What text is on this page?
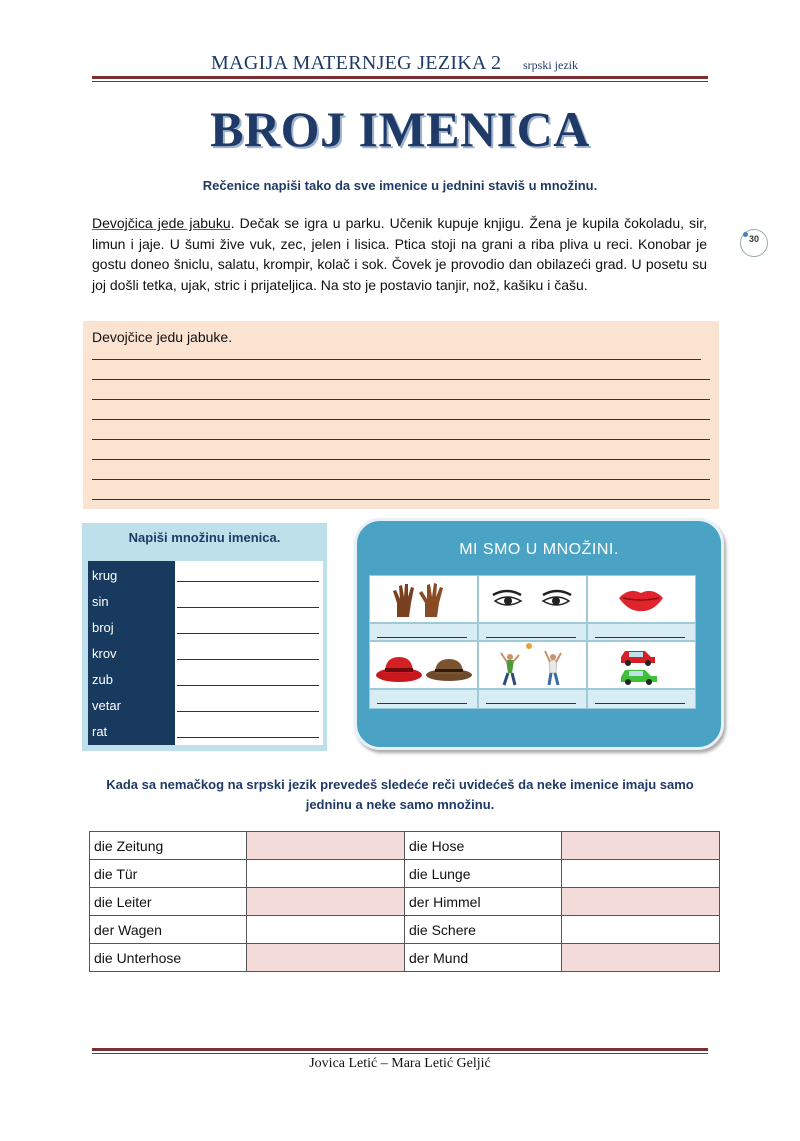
MAGIJA MATERNJEG JEZIKA 2 srpski jezik
BROJ IMENICA
Rečenice napiši tako da sve imenice u jednini staviš u množinu.
Devojčica jede jabuku. Dečak se igra u parku. Učenik kupuje knjigu. Žena je kupila čokoladu, sir, limun i jaje. U šumi žive vuk, zec, jelen i lisica. Ptica stoji na grani a riba pliva u reci. Konobar je gostu doneo šniclu, salatu, krompir, kolač i sok. Čovek je provodio dan obilazeći grad. U posetu su joj došli tetka, ujak, stric i prijateljica. Na sto je postavio tanjir, nož, kašiku i čašu.
30
Devojčice jedu jabuke.
Napiši množinu imenica.
krug
sin
broj
krov
zub
vetar
rat
MI SMO U MNOŽINI.
Kada sa nemačkog na srpski jezik prevedeš sledeće reči uvidećeš da neke imenice imaju samo jedninu a neke samo množinu.
die Zeitung		die Hose	
die Tür		die Lunge	
die Leiter		der Himmel	
der Wagen		die Schere	
die Unterhose		der Mund	
Jovica Letić – Mara Letić Geljić
